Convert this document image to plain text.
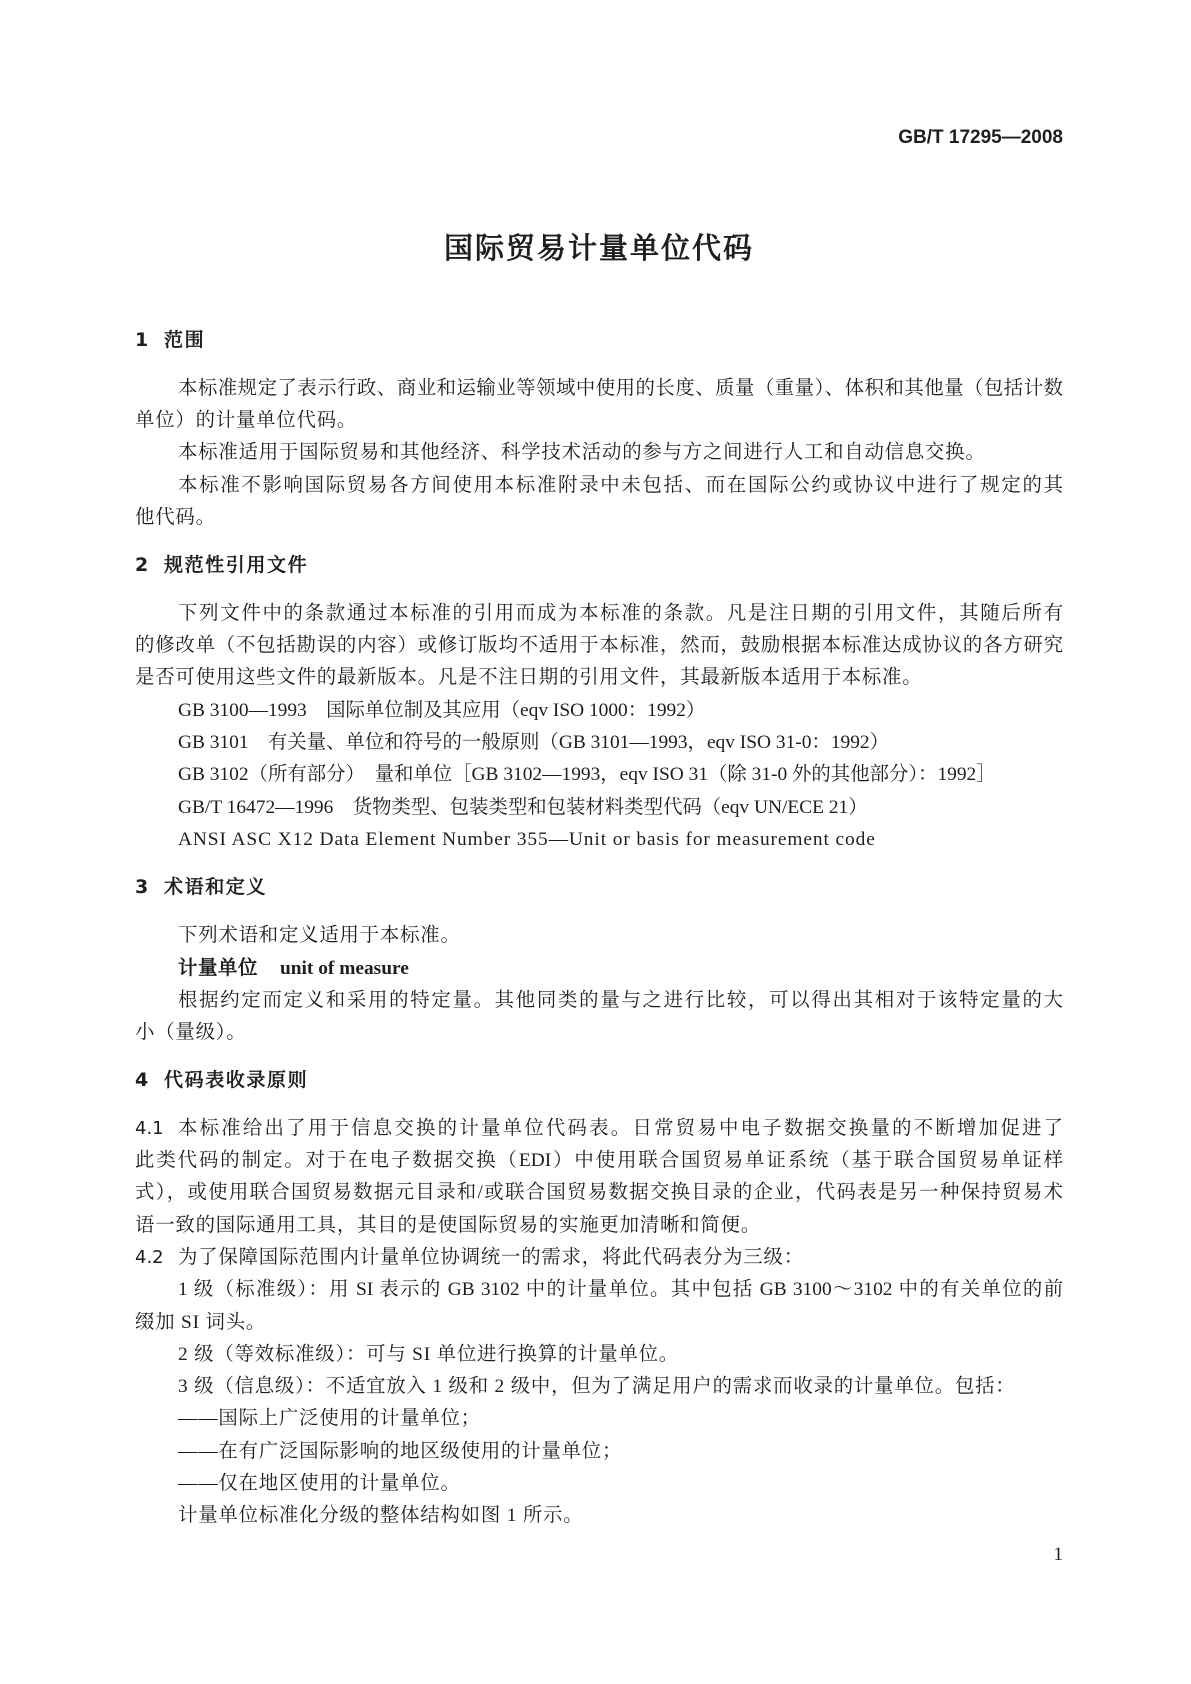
GB/T 17295—2008
国际贸易计量单位代码
1 范围
本标准规定了表示行政、商业和运输业等领域中使用的长度、质量（重量）、体积和其他量（包括计数
单位）的计量单位代码。
本标准适用于国际贸易和其他经济、科学技术活动的参与方之间进行人工和自动信息交换。
本标准不影响国际贸易各方间使用本标准附录中未包括、而在国际公约或协议中进行了规定的其
他代码。
2 规范性引用文件
下列文件中的条款通过本标准的引用而成为本标准的条款。凡是注日期的引用文件，其随后所有
的修改单（不包括勘误的内容）或修订版均不适用于本标准，然而，鼓励根据本标准达成协议的各方研究
是否可使用这些文件的最新版本。凡是不注日期的引用文件，其最新版本适用于本标准。
GB 3100—1993　国际单位制及其应用（eqv ISO 1000：1992）
GB 3101　有关量、单位和符号的一般原则（GB 3101—1993，eqv ISO 31-0：1992）
GB 3102（所有部分）　量和单位［GB 3102—1993，eqv ISO 31（除 31-0 外的其他部分）：1992］
GB/T 16472—1996　货物类型、包装类型和包装材料类型代码（eqv UN/ECE 21）
ANSI ASC X12 Data Element Number 355—Unit or basis for measurement code
3 术语和定义
下列术语和定义适用于本标准。
计量单位 unit of measure
根据约定而定义和采用的特定量。其他同类的量与之进行比较，可以得出其相对于该特定量的大
小（量级）。
4 代码表收录原则
4.1 本标准给出了用于信息交换的计量单位代码表。日常贸易中电子数据交换量的不断增加促进了
此类代码的制定。对于在电子数据交换（EDI）中使用联合国贸易单证系统（基于联合国贸易单证样
式），或使用联合国贸易数据元目录和/或联合国贸易数据交换目录的企业，代码表是另一种保持贸易术
语一致的国际通用工具，其目的是使国际贸易的实施更加清晰和简便。
4.2 为了保障国际范围内计量单位协调统一的需求，将此代码表分为三级：
1 级（标准级）：用 SI 表示的 GB 3102 中的计量单位。其中包括 GB 3100～3102 中的有关单位的前
缀加 SI 词头。
2 级（等效标准级）：可与 SI 单位进行换算的计量单位。
3 级（信息级）：不适宜放入 1 级和 2 级中，但为了满足用户的需求而收录的计量单位。包括：
——国际上广泛使用的计量单位；
——在有广泛国际影响的地区级使用的计量单位；
——仅在地区使用的计量单位。
计量单位标准化分级的整体结构如图 1 所示。
1
